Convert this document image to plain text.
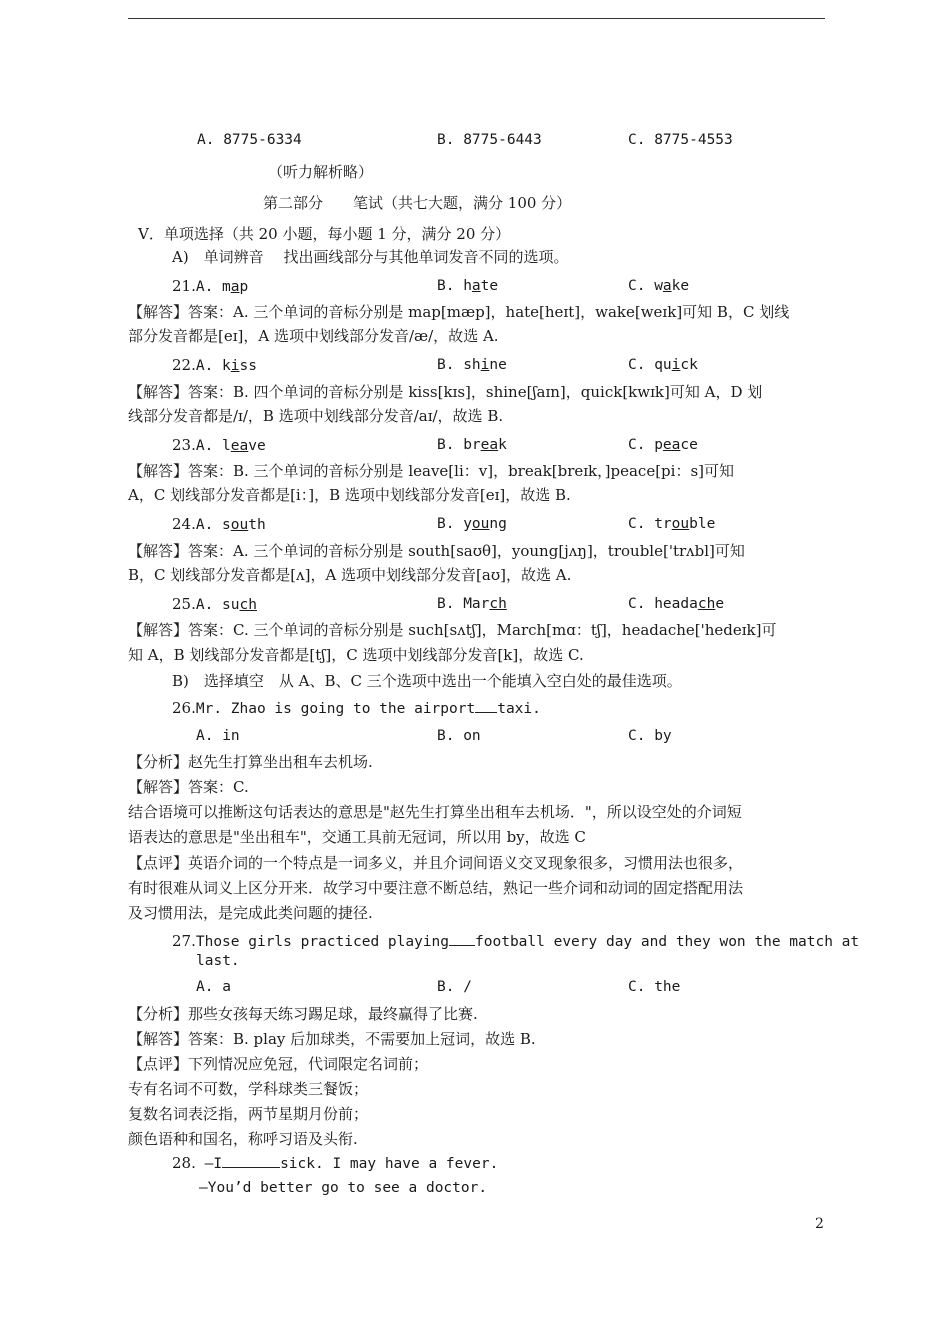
A. 8775-6334	B. 8775-6443	C. 8775-4553
（听力解析略）
第二部分　　笔试（共七大题，满分 100 分）
V．单项选择（共 20 小题，每小题 1 分，满分 20 分）
A)　单词辨音　 找出画线部分与其他单词发音不同的选项。
21.A. map	B. hate	C. wake
【解答】答案：A. 三个单词的音标分别是 map[mæp]，hate[heɪt]，wake[weɪk]可知 B，C 划线
部分发音都是[eɪ]，A 选项中划线部分发音/æ/，故选 A.
22.A. kiss	B. shine	C. quick
【解答】答案：B. 四个单词的音标分别是 kiss[kɪs]，shine[ʃaɪn]，quick[kwɪk]可知 A，D 划
线部分发音都是/ɪ/，B 选项中划线部分发音/aɪ/，故选 B.
23.A. leave	B. break	C. peace
【解答】答案：B. 三个单词的音标分别是 leave[li：v]，break[breɪk，]peace[pi：s]可知
A，C 划线部分发音都是[i：]，B 选项中划线部分发音[eɪ]，故选 B.
24.A. south	B. young	C. trouble
【解答】答案：A. 三个单词的音标分别是 south[saʊθ]，young[jʌŋ]，trouble['trʌbl]可知
B，C 划线部分发音都是[ʌ]，A 选项中划线部分发音[aʊ]，故选 A.
25.A. such	B. March	C. headache
【解答】答案：C. 三个单词的音标分别是 such[sʌtʃ]，March[mɑ：tʃ]，headache['hedeɪk]可
知 A，B 划线部分发音都是[tʃ]，C 选项中划线部分发音[k]，故选 C.
B)　选择填空　从 A、B、C 三个选项中选出一个能填入空白处的最佳选项。
26.Mr. Zhao is going to the airport taxi.
A. in	B. on	C. by
【分析】赵先生打算坐出租车去机场.
【解答】答案：C.
结合语境可以推断这句话表达的意思是"赵先生打算坐出租车去机场．"，所以设空处的介词短
语表达的意思是"坐出租车"，交通工具前无冠词，所以用 by，故选 C
【点评】英语介词的一个特点是一词多义，并且介词间语义交叉现象很多，习惯用法也很多，
有时很难从词义上区分开来．故学习中要注意不断总结，熟记一些介词和动词的固定搭配用法
及习惯用法，是完成此类问题的捷径.
27.Those girls practiced playing football every day and they won the match at
last.
A. a	B. /	C. the
【分析】那些女孩每天练习踢足球，最终赢得了比赛.
【解答】答案：B. play 后加球类，不需要加上冠词，故选 B.
【点评】下列情况应免冠，代词限定名词前；
专有名词不可数，学科球类三餐饭；
复数名词表泛指，两节星期月份前；
颜色语种和国名，称呼习语及头衔.
28. —I	sick. I may have a fever.
—You’d better go to see a doctor.
2
